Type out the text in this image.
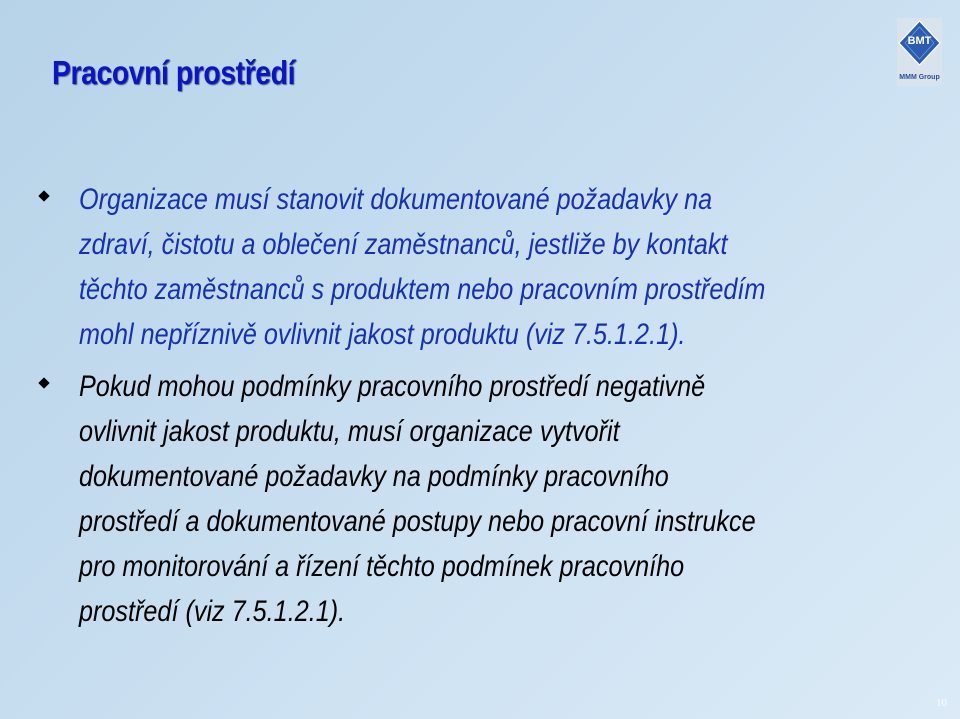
Pracovní prostředí
BMT
MMM Group
Organizace musí stanovit dokumentované požadavky na
zdraví, čistotu a oblečení zaměstnanců, jestliže by kontakt
těchto zaměstnanců s produktem nebo pracovním prostředím
mohl nepříznivě ovlivnit jakost produktu (viz 7.5.1.2.1).
Pokud mohou podmínky pracovního prostředí negativně
ovlivnit jakost produktu, musí organizace vytvořit
dokumentované požadavky na podmínky pracovního
prostředí a dokumentované postupy nebo pracovní instrukce
pro monitorování a řízení těchto podmínek pracovního
prostředí (viz 7.5.1.2.1).
10
